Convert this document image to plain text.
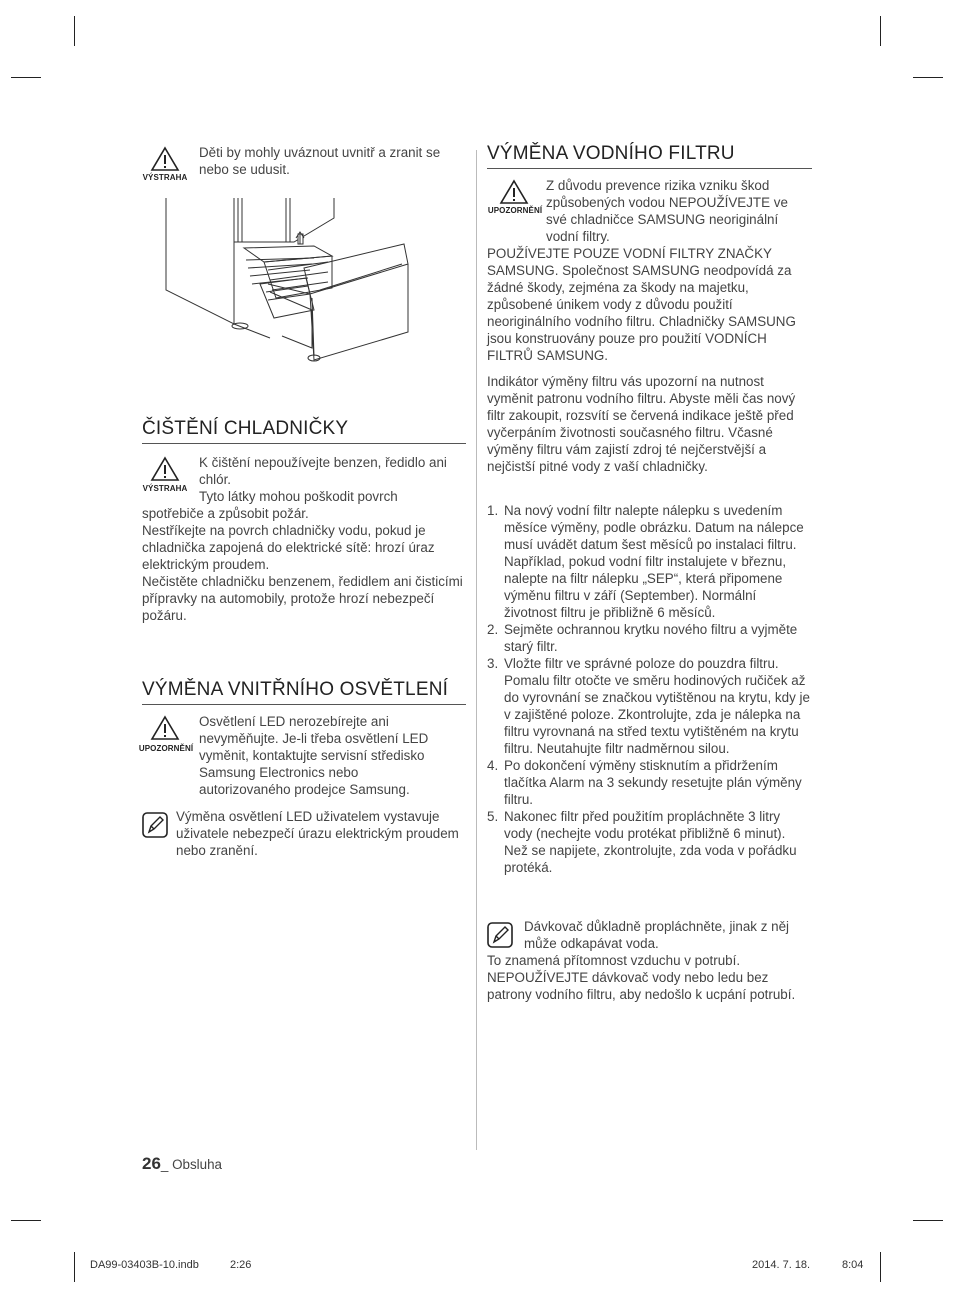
VÝSTRAHA

Děti by mohly uváznout uvnitř a zranit se nebo se udusit.

ČIŠTĚNÍ CHLADNIČKY
VÝSTRAHA

K čištění nepoužívejte benzen, ředidlo ani chlór.

Tyto látky mohou poškodit povrch

spotřebiče a způsobit požár.

Nestříkejte na povrch chladničky vodu, pokud je chladnička zapojená do elektrické sítě: hrozí úraz elektrickým proudem.

Nečistěte chladničku benzenem, ředidlem ani čisticími přípravky na automobily, protože hrozí nebezpečí požáru.

VÝMĚNA VNITŘNÍHO OSVĚTLENÍ
UPOZORNĚNÍ

Osvětlení LED nerozebírejte ani nevyměňujte. Je-li třeba osvětlení LED vyměnit, kontaktujte servisní středisko Samsung Electronics nebo autorizovaného prodejce Samsung.

Výměna osvětlení LED uživatelem vystavuje uživatele nebezpečí úrazu elektrickým proudem nebo zranění.

VÝMĚNA VODNÍHO FILTRU
UPOZORNĚNÍ

Z důvodu prevence rizika vzniku škod způsobených vodou NEPOUŽÍVEJTE ve své chladničce SAMSUNG neoriginální vodní filtry.

POUŽÍVEJTE POUZE VODNÍ FILTRY ZNAČKY SAMSUNG. Společnost SAMSUNG neodpovídá za žádné škody, zejména za škody na majetku, způsobené únikem vody z důvodu použití neoriginálního vodního filtru. Chladničky SAMSUNG jsou konstruovány pouze pro použití VODNÍCH FILTRŮ SAMSUNG.

Indikátor výměny filtru vás upozorní na nutnost vyměnit patronu vodního filtru. Abyste měli čas nový filtr zakoupit, rozsvítí se červená indikace ještě před vyčerpáním životnosti současného filtru. Včasné výměny filtru vám zajistí zdroj té nejčerstvější a nejčistší pitné vody z vaší chladničky.

1. Na nový vodní filtr nalepte nálepku s uvedením měsíce výměny, podle obrázku. Datum na nálepce musí uvádět datum šest měsíců po instalaci filtru. Například, pokud vodní filtr instalujete v březnu, nalepte na filtr nálepku „SEP“, která připomene výměnu filtru v září (September). Normální životnost filtru je přibližně 6 měsíců.
2. Sejměte ochrannou krytku nového filtru a vyjměte starý filtr.
3. Vložte filtr ve správné poloze do pouzdra filtru. Pomalu filtr otočte ve směru hodinových ručiček až do vyrovnání se značkou vytištěnou na krytu, kdy je v zajištěné poloze. Zkontrolujte, zda je nálepka na filtru vyrovnaná na střed textu vytištěném na krytu filtru. Neutahujte filtr nadměrnou silou.
4. Po dokončení výměny stisknutím a přidržením tlačítka Alarm na 3 sekundy resetujte plán výměny filtru.
5. Nakonec filtr před použitím propláchněte 3 litry vody (nechejte vodu protékat přibližně 6 minut). Než se napijete, zkontrolujte, zda voda v pořádku protéká.

Dávkovač důkladně propláchněte, jinak z něj může odkapávat voda.

To znamená přítomnost vzduchu v potrubí. NEPOUŽÍVEJTE dávkovač vody nebo ledu bez patrony vodního filtru, aby nedošlo k ucpání potrubí.

26_ Obsluha
DA99-03403B-10.indb	2:26	2014. 7. 18.	8:04
